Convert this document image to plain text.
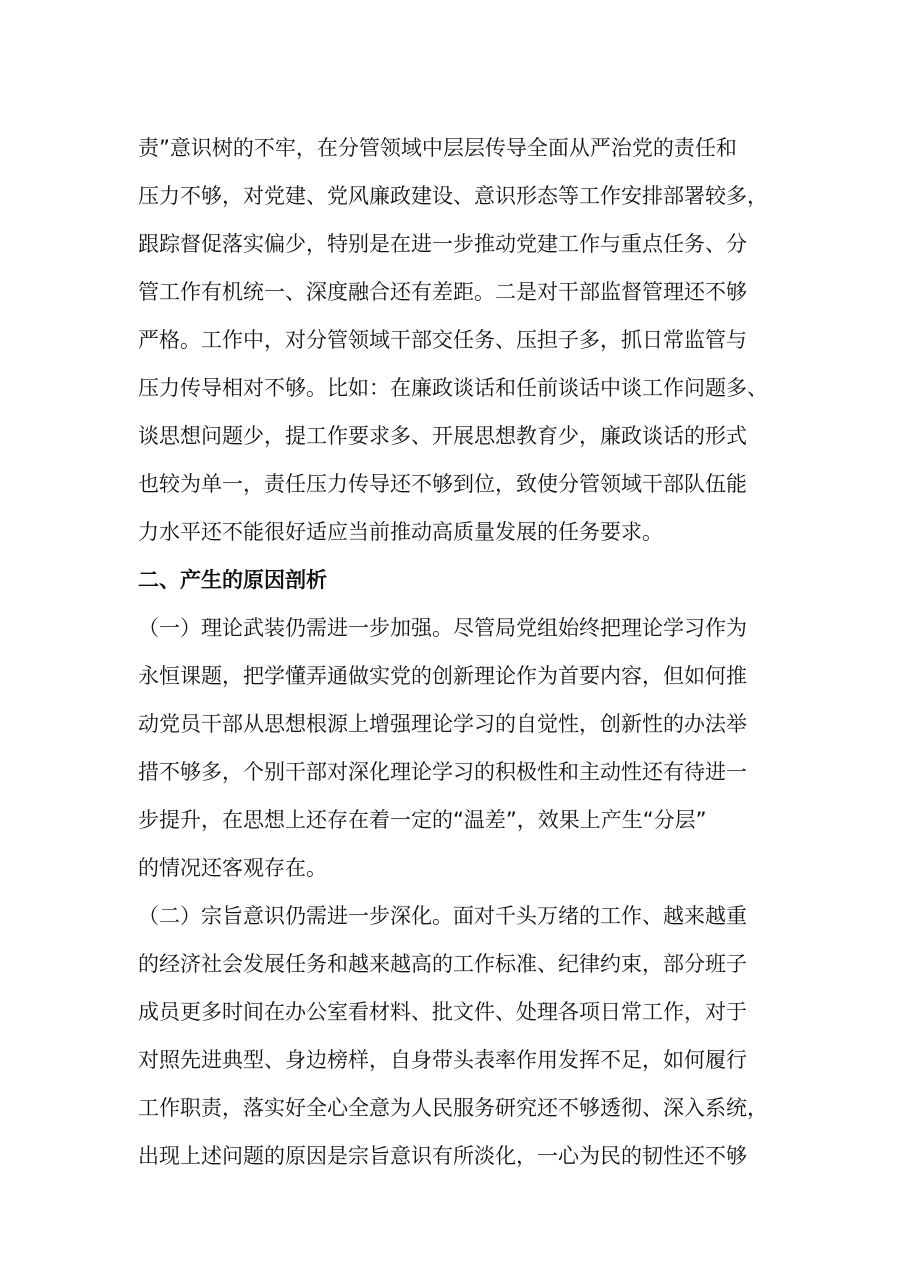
责”意识树的不牢，在分管领域中层层传导全面从严治党的责任和
压力不够，对党建、党风廉政建设、意识形态等工作安排部署较多，
跟踪督促落实偏少，特别是在进一步推动党建工作与重点任务、分
管工作有机统一、深度融合还有差距。二是对干部监督管理还不够
严格。工作中，对分管领域干部交任务、压担子多，抓日常监管与
压力传导相对不够。比如：在廉政谈话和任前谈话中谈工作问题多、
谈思想问题少，提工作要求多、开展思想教育少，廉政谈话的形式
也较为单一，责任压力传导还不够到位，致使分管领域干部队伍能
力水平还不能很好适应当前推动高质量发展的任务要求。
二、产生的原因剖析
（一）理论武装仍需进一步加强。尽管局党组始终把理论学习作为
永恒课题，把学懂弄通做实党的创新理论作为首要内容，但如何推
动党员干部从思想根源上增强理论学习的自觉性，创新性的办法举
措不够多，个别干部对深化理论学习的积极性和主动性还有待进一
步提升，在思想上还存在着一定的“温差”，效果上产生“分层”
的情况还客观存在。
（二）宗旨意识仍需进一步深化。面对千头万绪的工作、越来越重
的经济社会发展任务和越来越高的工作标准、纪律约束，部分班子
成员更多时间在办公室看材料、批文件、处理各项日常工作，对于
对照先进典型、身边榜样，自身带头表率作用发挥不足，如何履行
工作职责，落实好全心全意为人民服务研究还不够透彻、深入系统，
出现上述问题的原因是宗旨意识有所淡化，一心为民的韧性还不够
